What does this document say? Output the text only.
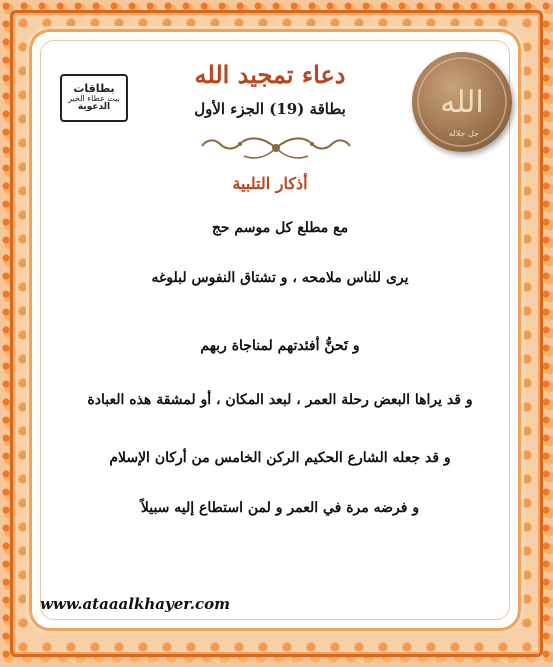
بطاقات
بيت عطاء الخير
الدعوية	الله
جل جلاله
دعاء تمجيد الله
بطاقة (19) الجزء الأول
أذكار التلبية
مع مطلع كل موسم حج
يرى للناس ملامحه ، و تشتاق النفوس لبلوغه
و تَحنُّ أفئدتهم لمناجاة ربهم
و قد يراها البعض رحلة العمر ، لبعد المكان ، أو لمشقة هذه العبادة
و قد جعله الشارع الحكيم الركن الخامس من أركان الإسلام
و فرضه مرة في العمر و لمن استطاع إليه سبيلاً
www.ataaalkhayer.com
